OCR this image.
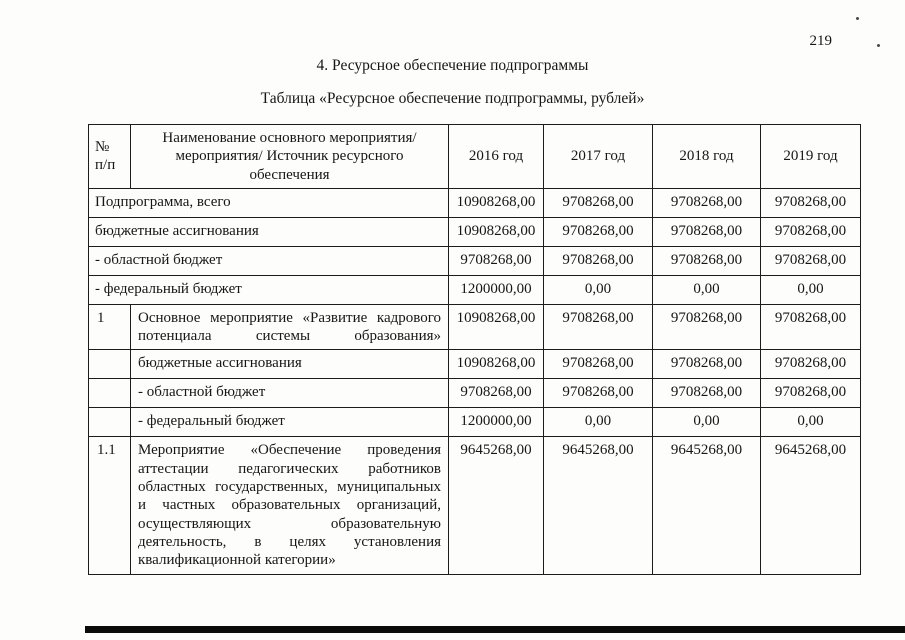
219
4. Ресурсное обеспечение подпрограммы
Таблица «Ресурсное обеспечение подпрограммы, рублей»
№ п/п	Наименование основного мероприятия/мероприятия/ Источник ресурсного обеспечения	2016 год	2017 год	2018 год	2019 год
Подпрограмма, всего		10908268,00	9708268,00	9708268,00	9708268,00
бюджетные ассигнования		10908268,00	9708268,00	9708268,00	9708268,00
- областной бюджет		9708268,00	9708268,00	9708268,00	9708268,00
- федеральный бюджет		1200000,00	0,00	0,00	0,00
1	Основное мероприятие «Развитие кадрового потенциала системы образования»	10908268,00	9708268,00	9708268,00	9708268,00
	бюджетные ассигнования	10908268,00	9708268,00	9708268,00	9708268,00
	- областной бюджет	9708268,00	9708268,00	9708268,00	9708268,00
	- федеральный бюджет	1200000,00	0,00	0,00	0,00
1.1	Мероприятие «Обеспечение проведения аттестации педагогических работников областных государственных, муниципальных и частных образовательных организаций, осуществляющих образовательную деятельность, в целях установления квалификационной категории»	9645268,00	9645268,00	9645268,00	9645268,00
